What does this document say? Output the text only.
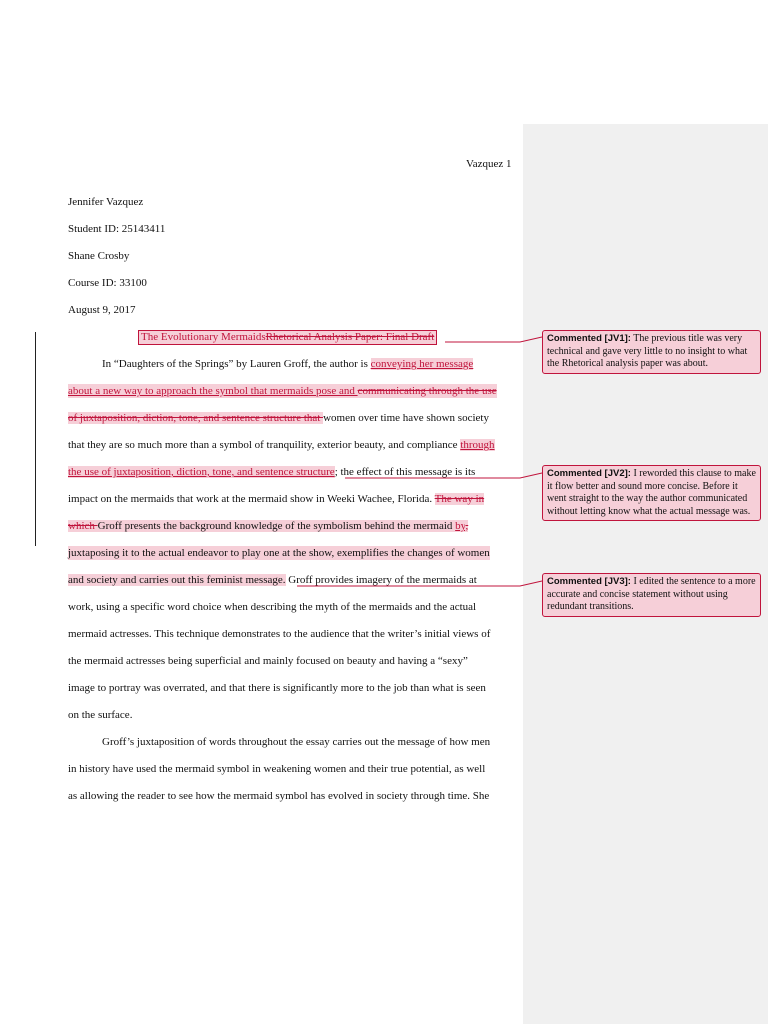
Vazquez 1
Jennifer Vazquez
Student ID: 25143411
Shane Crosby
Course ID: 33100
August 9, 2017
The Evolutionary MermaidsRhetorical Analysis Paper: Final Draft
In “Daughters of the Springs” by Lauren Groff, the author is conveying her message
about a new way to approach the symbol that mermaids pose and communicating through the use
of juxtaposition, diction, tone, and sentence structure that women over time have shown society
that they are so much more than a symbol of tranquility, exterior beauty, and compliance through
the use of juxtaposition, diction, tone, and sentence structure; the effect of this message is its
impact on the mermaids that work at the mermaid show in Weeki Wachee, Florida. The way in
which Groff presents the background knowledge of the symbolism behind the mermaid by,
juxtaposing it to the actual endeavor to play one at the show, exemplifies the changes of women
and society and carries out this feminist message. Groff provides imagery of the mermaids at
work, using a specific word choice when describing the myth of the mermaids and the actual
mermaid actresses. This technique demonstrates to the audience that the writer’s initial views of
the mermaid actresses being superficial and mainly focused on beauty and having a “sexy”
image to portray was overrated, and that there is significantly more to the job than what is seen
on the surface.
Groff’s juxtaposition of words throughout the essay carries out the message of how men
in history have used the mermaid symbol in weakening women and their true potential, as well
as allowing the reader to see how the mermaid symbol has evolved in society through time. She
Commented [JV1]: The previous title was very technical and gave very little to no insight to what the Rhetorical analysis paper was about.
Commented [JV2]: I reworded this clause to make it flow better and sound more concise. Before it went straight to the way the author communicated without letting know what the actual message was.
Commented [JV3]: I edited the sentence to a more accurate and concise statement without using redundant transitions.
